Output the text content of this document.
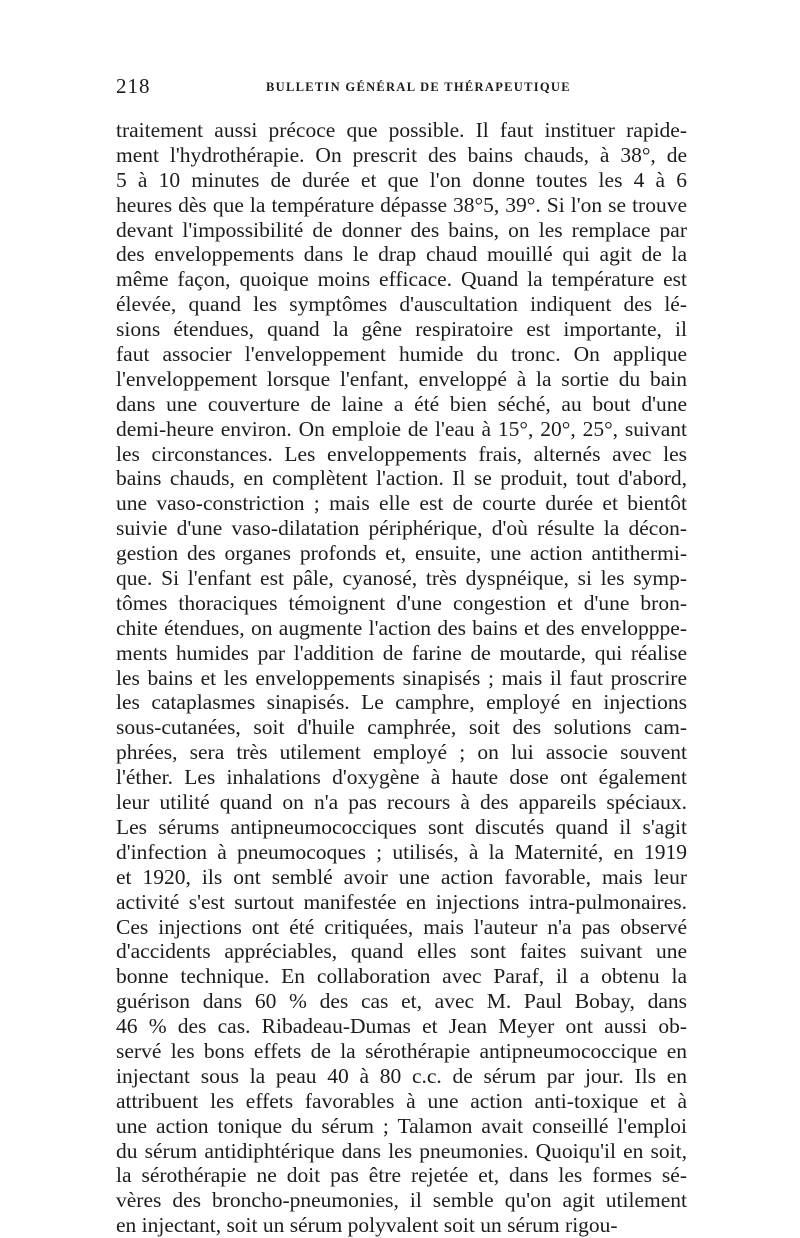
218	BULLETIN GÉNÉRAL DE THÉRAPEUTIQUE
traitement aussi précoce que possible. Il faut instituer rapide-
ment l'hydrothérapie. On prescrit des bains chauds, à 38°, de
5 à 10 minutes de durée et que l'on donne toutes les 4 à 6
heures dès que la température dépasse 38°5, 39°. Si l'on se trouve
devant l'impossibilité de donner des bains, on les remplace par
des enveloppements dans le drap chaud mouillé qui agit de la
même façon, quoique moins efficace. Quand la température est
élevée, quand les symptômes d'auscultation indiquent des lé-
sions étendues, quand la gêne respiratoire est importante, il
faut associer l'enveloppement humide du tronc. On applique
l'enveloppement lorsque l'enfant, enveloppé à la sortie du bain
dans une couverture de laine a été bien séché, au bout d'une
demi-heure environ. On emploie de l'eau à 15°, 20°, 25°, suivant
les circonstances. Les enveloppements frais, alternés avec les
bains chauds, en complètent l'action. Il se produit, tout d'abord,
une vaso-constriction ; mais elle est de courte durée et bientôt
suivie d'une vaso-dilatation périphérique, d'où résulte la décon-
gestion des organes profonds et, ensuite, une action antithermi-
que. Si l'enfant est pâle, cyanosé, très dyspnéique, si les symp-
tômes thoraciques témoignent d'une congestion et d'une bron-
chite étendues, on augmente l'action des bains et des envelopppe-
ments humides par l'addition de farine de moutarde, qui réalise
les bains et les enveloppements sinapisés ; mais il faut proscrire
les cataplasmes sinapisés. Le camphre, employé en injections
sous-cutanées, soit d'huile camphrée, soit des solutions cam-
phrées, sera très utilement employé ; on lui associe souvent
l'éther. Les inhalations d'oxygène à haute dose ont également
leur utilité quand on n'a pas recours à des appareils spéciaux.
Les sérums antipneumococciques sont discutés quand il s'agit
d'infection à pneumocoques ; utilisés, à la Maternité, en 1919
et 1920, ils ont semblé avoir une action favorable, mais leur
activité s'est surtout manifestée en injections intra-pulmonaires.
Ces injections ont été critiquées, mais l'auteur n'a pas observé
d'accidents appréciables, quand elles sont faites suivant une
bonne technique. En collaboration avec Paraf, il a obtenu la
guérison dans 60 % des cas et, avec M. Paul Bobay, dans
46 % des cas. Ribadeau-Dumas et Jean Meyer ont aussi ob-
servé les bons effets de la sérothérapie antipneumococcique en
injectant sous la peau 40 à 80 c.c. de sérum par jour. Ils en
attribuent les effets favorables à une action anti-toxique et à
une action tonique du sérum ; Talamon avait conseillé l'emploi
du sérum antidiphtérique dans les pneumonies. Quoiqu'il en soit,
la sérothérapie ne doit pas être rejetée et, dans les formes sé-
vères des broncho-pneumonies, il semble qu'on agit utilement
en injectant, soit un sérum polyvalent soit un sérum rigou-
